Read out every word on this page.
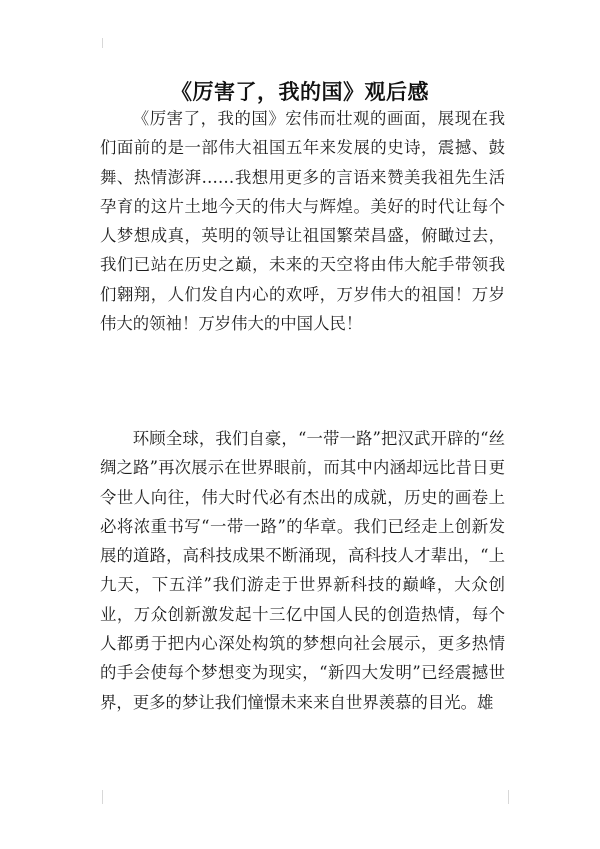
《厉害了，我的国》观后感

《厉害了，我的国》宏伟而壮观的画面，展现在我们面前的是一部伟大祖国五年来发展的史诗，震撼、鼓舞、热情澎湃……我想用更多的言语来赞美我祖先生活孕育的这片土地今天的伟大与辉煌。美好的时代让每个人梦想成真，英明的领导让祖国繁荣昌盛，俯瞰过去，我们已站在历史之巅，未来的天空将由伟大舵手带领我们翱翔，人们发自内心的欢呼，万岁伟大的祖国！万岁伟大的领袖！万岁伟大的中国人民！

环顾全球，我们自豪，“一带一路”把汉武开辟的“丝绸之路”再次展示在世界眼前，而其中内涵却远比昔日更令世人向往，伟大时代必有杰出的成就，历史的画卷上必将浓重书写“一带一路”的华章。我们已经走上创新发展的道路，高科技成果不断涌现，高科技人才辈出，“上九天，下五洋”我们游走于世界新科技的巅峰，大众创业，万众创新激发起十三亿中国人民的创造热情，每个人都勇于把内心深处构筑的梦想向社会展示，更多热情的手会使每个梦想变为现实，“新四大发明”已经震撼世界，更多的梦让我们憧憬未来来自世界羡慕的目光。雄
